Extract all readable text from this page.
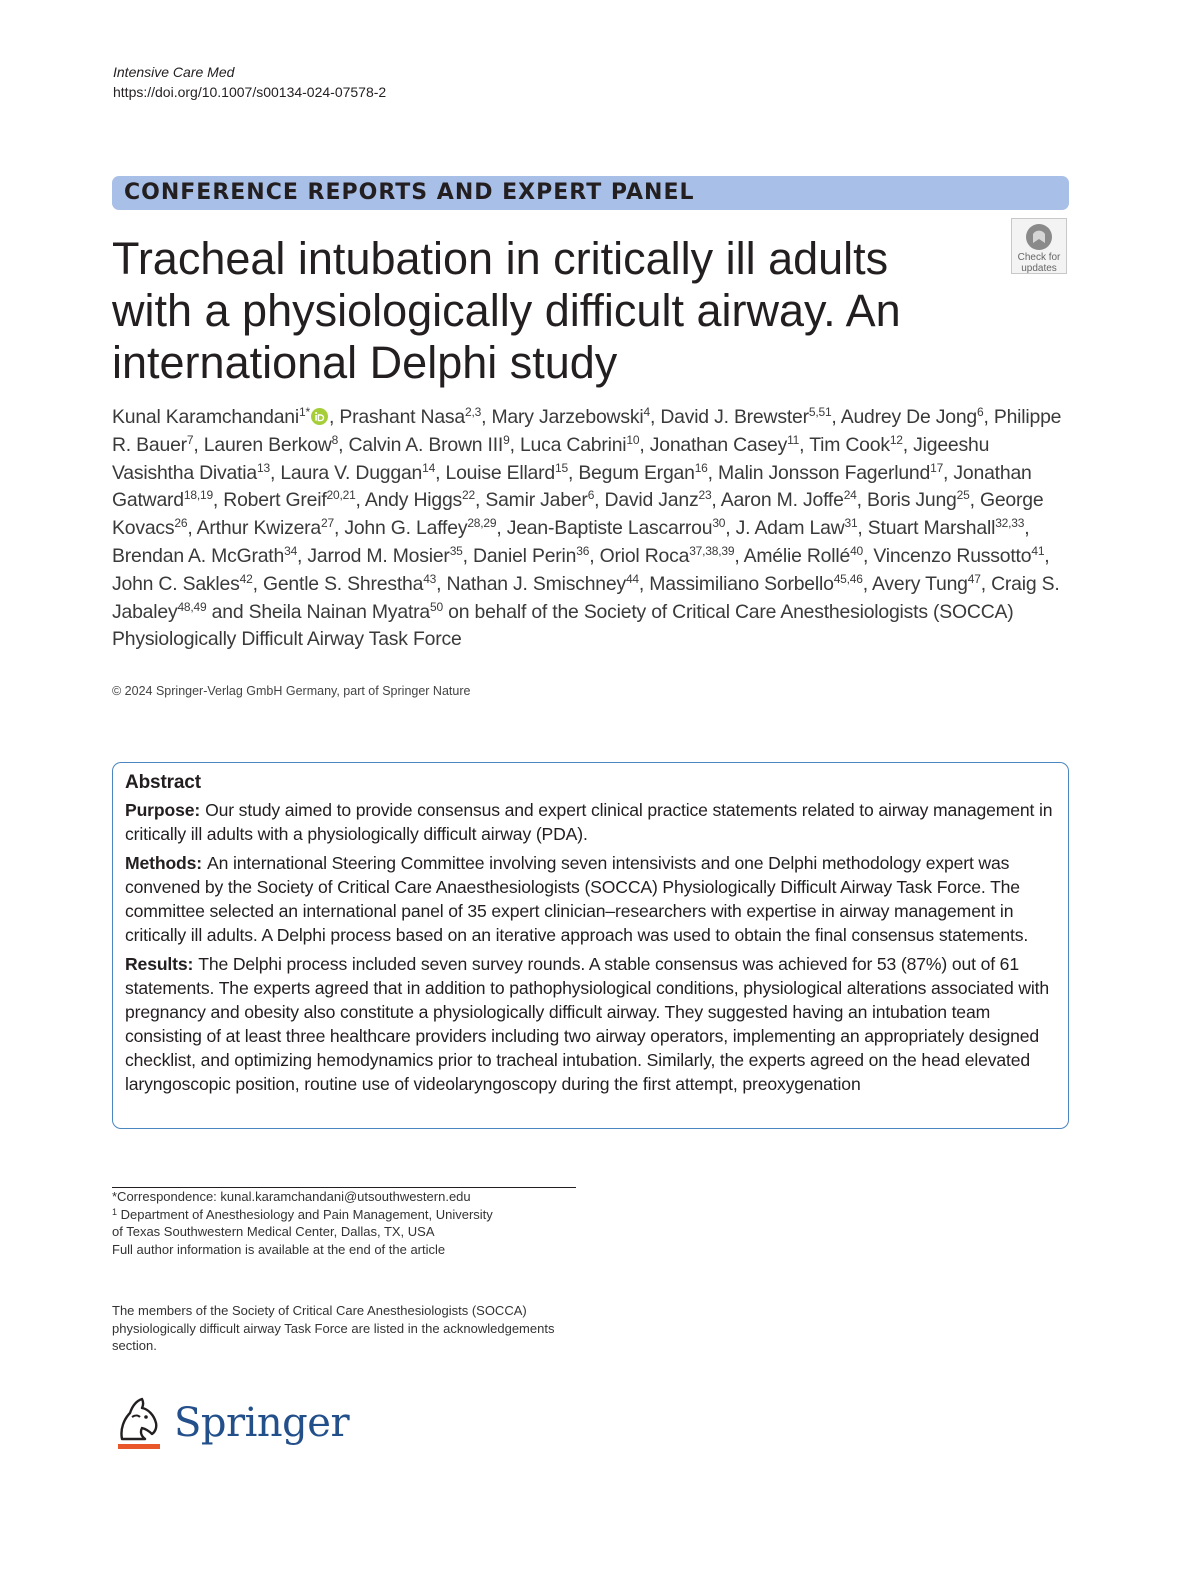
Intensive Care Med
https://doi.org/10.1007/s00134-024-07578-2
CONFERENCE REPORTS AND EXPERT PANEL
Tracheal intubation in critically ill adults
with a physiologically difficult airway. An
international Delphi study
Check for
updates
Kunal Karamchandani$^{1*}$ , Prashant Nasa$^{2,3}$, Mary Jarzebowski$^4$, David J. Brewster$^{5,51}$, Audrey De Jong$^6$, Philippe R. Bauer$^7$, Lauren Berkow$^8$, Calvin A. Brown III$^9$, Luca Cabrini$^{10}$, Jonathan Casey$^{11}$, Tim Cook$^{12}$, Jigeeshu Vasishtha Divatia$^{13}$, Laura V. Duggan$^{14}$, Louise Ellard$^{15}$, Begum Ergan$^{16}$, Malin Jonsson Fagerlund$^{17}$, Jonathan Gatward$^{18,19}$, Robert Greif$^{20,21}$, Andy Higgs$^{22}$, Samir Jaber$^6$, David Janz$^{23}$, Aaron M. Joffe$^{24}$, Boris Jung$^{25}$, George Kovacs$^{26}$, Arthur Kwizera$^{27}$, John G. Laffey$^{28,29}$, Jean-Baptiste Lascarrou$^{30}$, J. Adam Law$^{31}$, Stuart Marshall$^{32,33}$, Brendan A. McGrath$^{34}$, Jarrod M. Mosier$^{35}$, Daniel Perin$^{36}$, Oriol Roca$^{37,38,39}$, Amélie Rollé$^{40}$, Vincenzo Russotto$^{41}$, John C. Sakles$^{42}$, Gentle S. Shrestha$^{43}$, Nathan J. Smischney$^{44}$, Massimiliano Sorbello$^{45,46}$, Avery Tung$^{47}$, Craig S. Jabaley$^{48,49}$ and Sheila Nainan Myatra$^{50}$ on behalf of the Society of Critical Care Anesthesiologists (SOCCA) Physiologically Difficult Airway Task Force
© 2024 Springer-Verlag GmbH Germany, part of Springer Nature
Abstract

Purpose: Our study aimed to provide consensus and expert clinical practice statements related to airway management in critically ill adults with a physiologically difficult airway (PDA).

Methods: An international Steering Committee involving seven intensivists and one Delphi methodology expert was convened by the Society of Critical Care Anaesthesiologists (SOCCA) Physiologically Difficult Airway Task Force. The committee selected an international panel of 35 expert clinician–researchers with expertise in airway management in critically ill adults. A Delphi process based on an iterative approach was used to obtain the final consensus statements.

Results: The Delphi process included seven survey rounds. A stable consensus was achieved for 53 (87%) out of 61 statements. The experts agreed that in addition to pathophysiological conditions, physiological alterations associated with pregnancy and obesity also constitute a physiologically difficult airway. They suggested having an intubation team consisting of at least three healthcare providers including two airway operators, implementing an appropriately designed checklist, and optimizing hemodynamics prior to tracheal intubation. Similarly, the experts agreed on the head elevated laryngoscopic position, routine use of videolaryngoscopy during the first attempt, preoxygenation

*Correspondence: kunal.karamchandani@utsouthwestern.edu
$^1$ Department of Anesthesiology and Pain Management, University
of Texas Southwestern Medical Center, Dallas, TX, USA
Full author information is available at the end of the article
The members of the Society of Critical Care Anesthesiologists (SOCCA) physiologically difficult airway Task Force are listed in the acknowledgements section.
Springer
